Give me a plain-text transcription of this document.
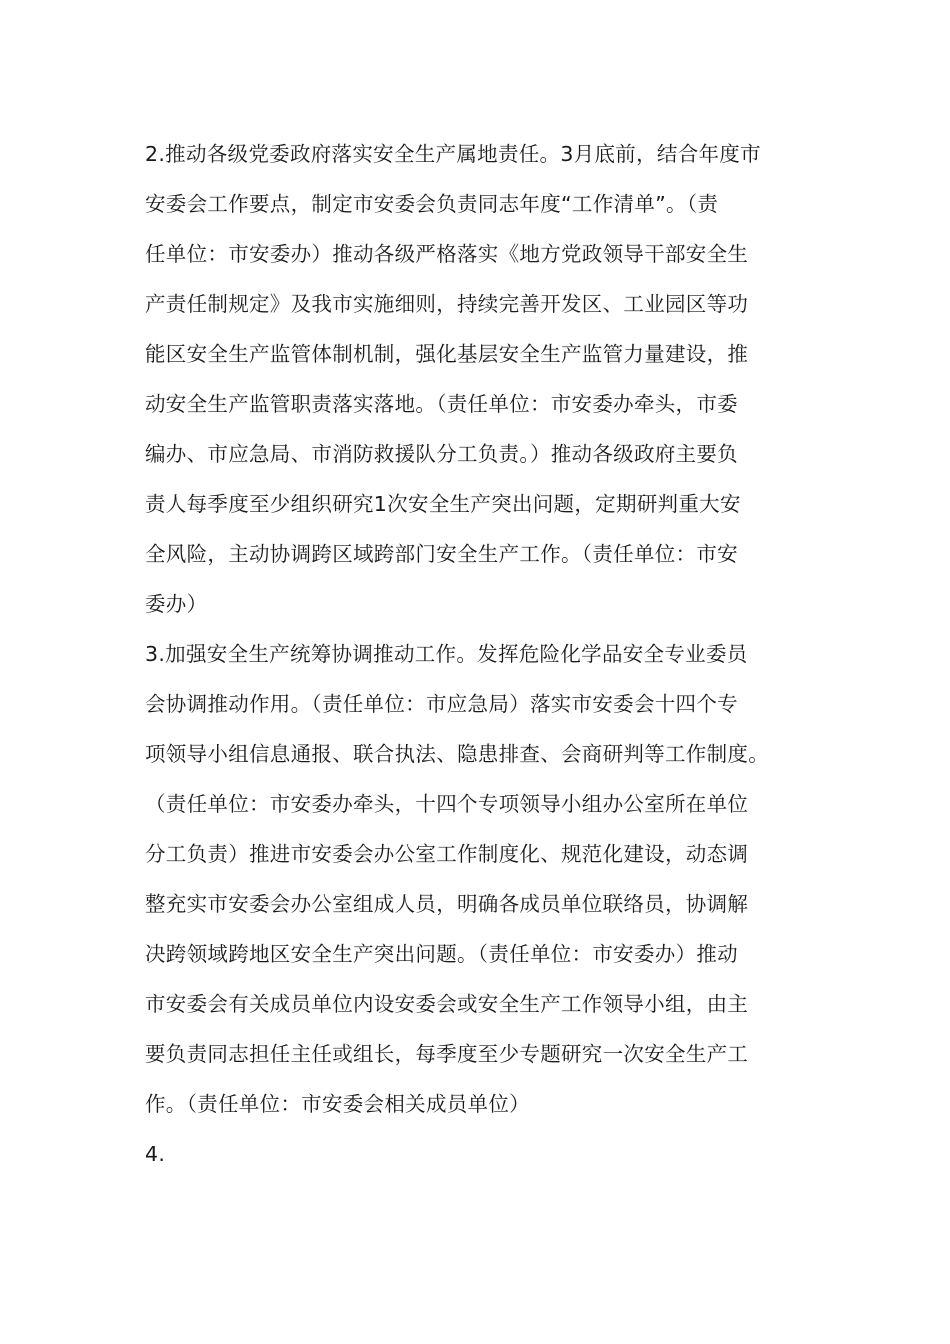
2.推动各级党委政府落实安全生产属地责任。3月底前，结合年度市
安委会工作要点，制定市安委会负责同志年度“工作清单”。（责
任单位：市安委办）推动各级严格落实《地方党政领导干部安全生
产责任制规定》及我市实施细则，持续完善开发区、工业园区等功
能区安全生产监管体制机制，强化基层安全生产监管力量建设，推
动安全生产监管职责落实落地。（责任单位：市安委办牵头，市委
编办、市应急局、市消防救援队分工负责。）推动各级政府主要负
责人每季度至少组织研究1次安全生产突出问题，定期研判重大安
全风险，主动协调跨区域跨部门安全生产工作。（责任单位：市安
委办）
3.加强安全生产统筹协调推动工作。发挥危险化学品安全专业委员
会协调推动作用。（责任单位：市应急局）落实市安委会十四个专
项领导小组信息通报、联合执法、隐患排查、会商研判等工作制度。
（责任单位：市安委办牵头，十四个专项领导小组办公室所在单位
分工负责）推进市安委会办公室工作制度化、规范化建设，动态调
整充实市安委会办公室组成人员，明确各成员单位联络员，协调解
决跨领域跨地区安全生产突出问题。（责任单位：市安委办）推动
市安委会有关成员单位内设安委会或安全生产工作领导小组，由主
要负责同志担任主任或组长，每季度至少专题研究一次安全生产工
作。（责任单位：市安委会相关成员单位）
4.
